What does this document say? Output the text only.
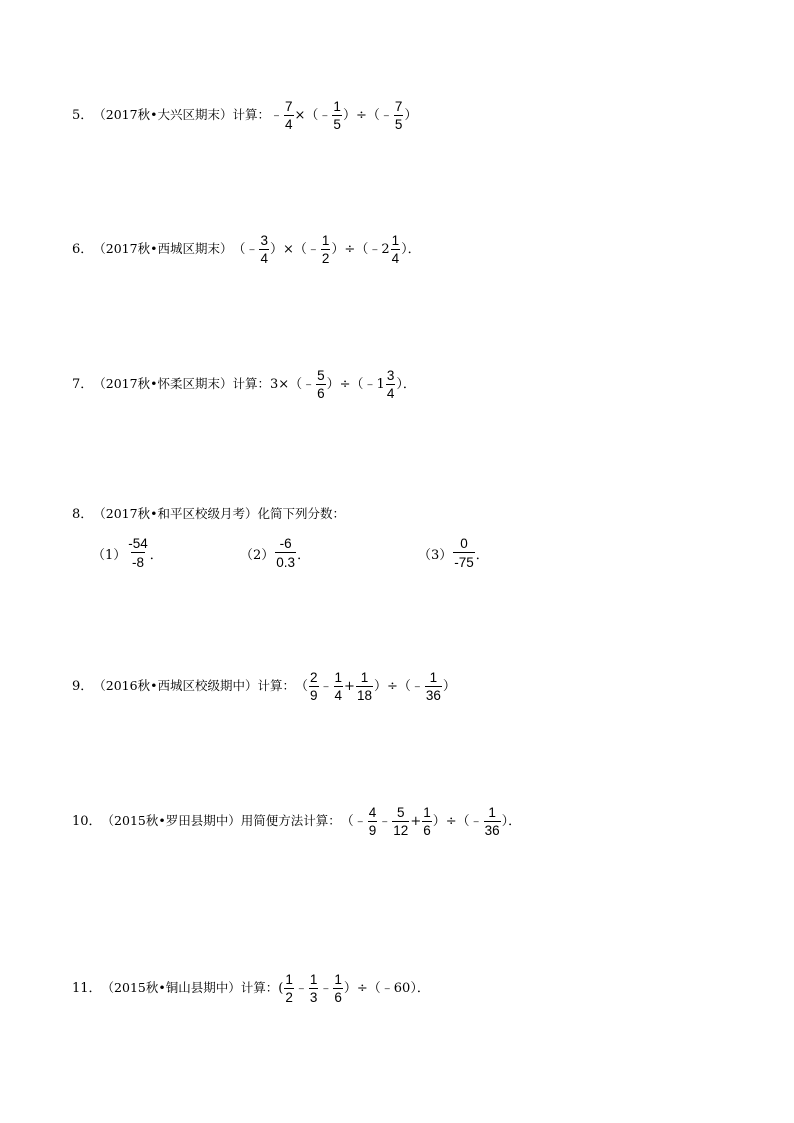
5． （2017秋•大兴区期末）计算： ﹣ $\frac{7}{4}$ ×（ ﹣ $\frac{1}{5}$ ）÷（ ﹣ $\frac{7}{5}$ ）
6． （2017秋•西城区期末） （﹣ $\frac{3}{4}$ ）×（﹣ $\frac{1}{2}$ ）÷（﹣2 $\frac{1}{4}$ ）．
7． （2017秋•怀柔区期末）计算： 3×（﹣ $\frac{5}{6}$ ）÷（﹣1 $\frac{3}{4}$ ）．
8． （2017秋•和平区校级月考）化简下列分数：
$(1) \frac{-54}{-8}$ ．	$(2) \frac{-6}{0.3}$ ．	$(3) \frac{0}{-75}$ ．
9． （2016秋•西城区校级期中）计算： （ $\frac{2}{9}$ ﹣ $\frac{1}{4} + \frac{1}{18}$ ）÷（﹣ $\frac{1}{36}$ ）
10． （2015秋•罗田县期中）用简便方法计算： （﹣ $\frac{4}{9}$ ﹣ $\frac{5}{12} + \frac{1}{6}$ ）÷（﹣ $\frac{1}{36}$ ）．
11． （2015秋•铜山县期中）计算： ( $\frac{1}{2}$ ﹣ $\frac{1}{3}$ ﹣ $\frac{1}{6}$ ）÷（﹣60）．
